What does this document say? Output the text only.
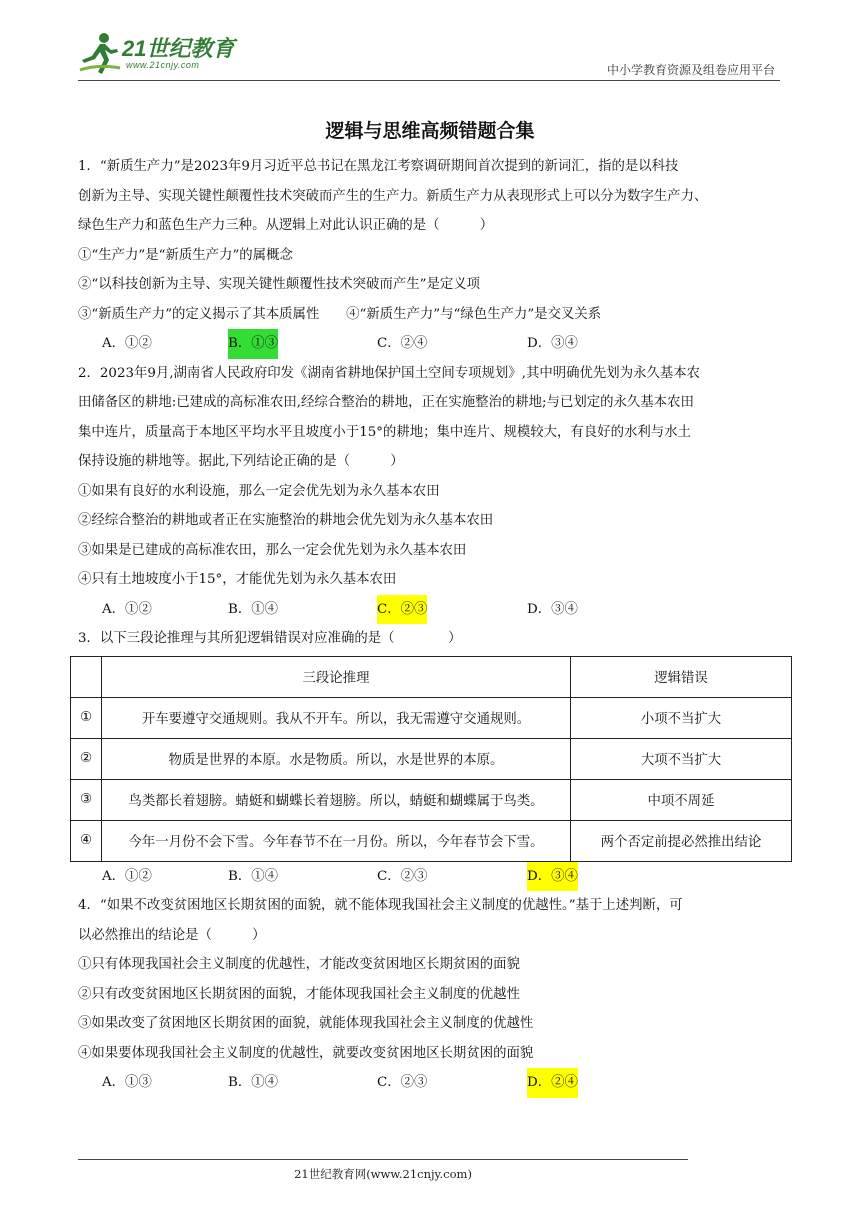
21世纪教育
www.21cnjy.com	中小学教育资源及组卷应用平台
逻辑与思维高频错题合集
1．“新质生产力”是2023年9月习近平总书记在黑龙江考察调研期间首次提到的新词汇，指的是以科技
创新为主导、实现关键性颠覆性技术突破而产生的生产力。新质生产力从表现形式上可以分为数字生产力、
绿色生产力和蓝色生产力三种。从逻辑上对此认识正确的是（　　　）
①“生产力”是“新质生产力”的属概念
②“以科技创新为主导、实现关键性颠覆性技术突破而产生”是定义项
③“新质生产力”的定义揭示了其本质属性　　④“新质生产力”与“绿色生产力”是交叉关系
A．①②	B．①③	C．②④	D．③④
2．2023年9月,湖南省人民政府印发《湖南省耕地保护国土空间专项规划》,其中明确优先划为永久基本农
田储备区的耕地:已建成的高标准农田,经综合整治的耕地，正在实施整治的耕地;与已划定的永久基本农田
集中连片，质量高于本地区平均水平且坡度小于15°的耕地；集中连片、规模较大，有良好的水利与水土
保持设施的耕地等。据此,下列结论正确的是（　　　）
①如果有良好的水利设施，那么一定会优先划为永久基本农田
②经综合整治的耕地或者正在实施整治的耕地会优先划为永久基本农田
③如果是已建成的高标准农田，那么一定会优先划为永久基本农田
④只有土地坡度小于15°，才能优先划为永久基本农田
A．①②	B．①④	C．②③	D．③④
3．以下三段论推理与其所犯逻辑错误对应准确的是（　　　　）
	三段论推理	逻辑错误
①	开车要遵守交通规则。我从不开车。所以，我无需遵守交通规则。	小项不当扩大
②	物质是世界的本原。水是物质。所以，水是世界的本原。	大项不当扩大
③	鸟类都长着翅膀。蜻蜓和蝴蝶长着翅膀。所以，蜻蜓和蝴蝶属于鸟类。	中项不周延
④	今年一月份不会下雪。今年春节不在一月份。所以，今年春节会下雪。	两个否定前提必然推出结论
A．①②	B．①④	C．②③	D．③④
4．“如果不改变贫困地区长期贫困的面貌，就不能体现我国社会主义制度的优越性。”基于上述判断，可
以必然推出的结论是（　　　）
①只有体现我国社会主义制度的优越性，才能改变贫困地区长期贫困的面貌
②只有改变贫困地区长期贫困的面貌，才能体现我国社会主义制度的优越性
③如果改变了贫困地区长期贫困的面貌，就能体现我国社会主义制度的优越性
④如果要体现我国社会主义制度的优越性，就要改变贫困地区长期贫困的面貌
A．①③	B．①④	C．②③	D．②④
21世纪教育网(www.21cnjy.com)
